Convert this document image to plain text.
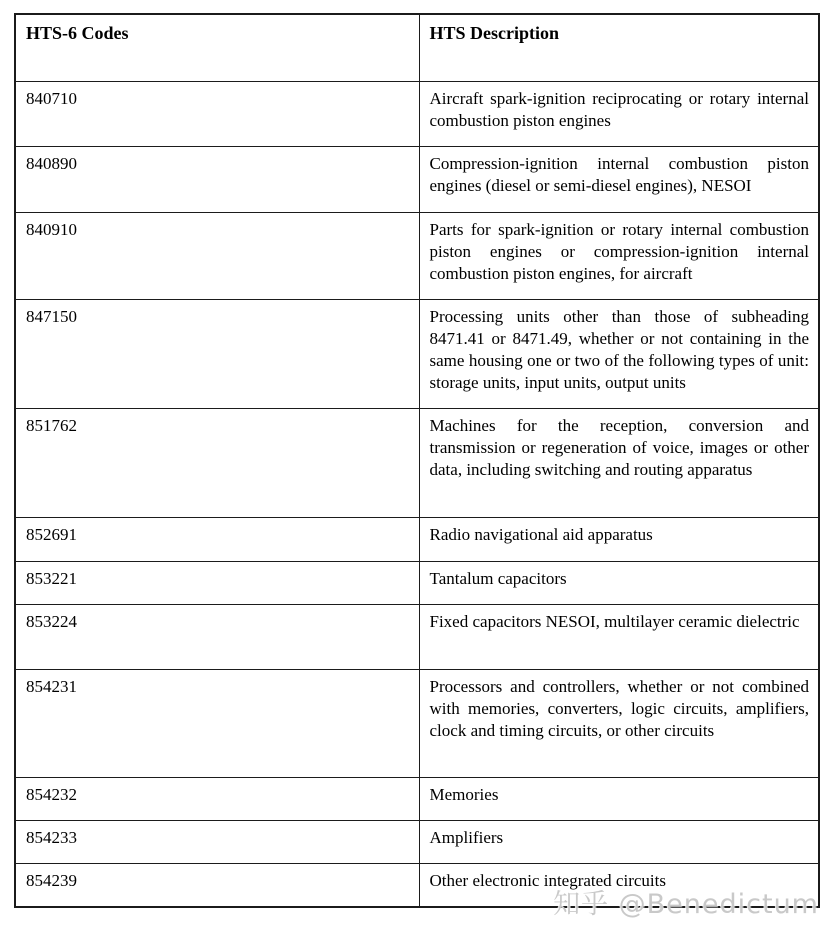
HTS-6 Codes	HTS Description
840710	Aircraft spark-ignition reciprocating or rotary internal combustion piston engines
840890	Compression-ignition internal combustion piston engines (diesel or semi-diesel engines), NESOI
840910	Parts for spark-ignition or rotary internal combustion piston engines or compression-ignition internal combustion piston engines, for aircraft
847150	Processing units other than those of subheading 8471.41 or 8471.49, whether or not containing in the same housing one or two of the following types of unit: storage units, input units, output units
851762	Machines for the reception, conversion and transmission or regeneration of voice, images or other data, including switching and routing apparatus
852691	Radio navigational aid apparatus
853221	Tantalum capacitors
853224	Fixed capacitors NESOI, multilayer ceramic dielectric
854231	Processors and controllers, whether or not combined with memories, converters, logic circuits, amplifiers, clock and timing circuits, or other circuits
854232	Memories
854233	Amplifiers
854239	Other electronic integrated circuits
知乎 @Benedictum
